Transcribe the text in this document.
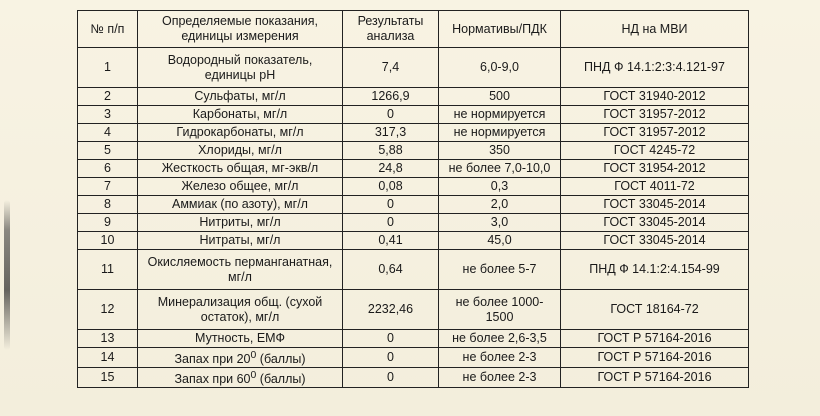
№ п/п	Определяемые показания, единицы измерения	Результаты анализа	Нормативы/ПДК	НД на МВИ
1	Водородный показатель, единицы pH	7,4	6,0-9,0	ПНД Ф 14.1:2:3:4.121-97
2	Сульфаты, мг/л	1266,9	500	ГОСТ 31940-2012
3	Карбонаты, мг/л	0	не нормируется	ГОСТ 31957-2012
4	Гидрокарбонаты, мг/л	317,3	не нормируется	ГОСТ 31957-2012
5	Хлориды, мг/л	5,88	350	ГОСТ 4245-72
6	Жесткость общая, мг-экв/л	24,8	не более 7,0-10,0	ГОСТ 31954-2012
7	Железо общее, мг/л	0,08	0,3	ГОСТ 4011-72
8	Аммиак (по азоту), мг/л	0	2,0	ГОСТ 33045-2014
9	Нитриты, мг/л	0	3,0	ГОСТ 33045-2014
10	Нитраты, мг/л	0,41	45,0	ГОСТ 33045-2014
11	Окисляемость перманганатная, мг/л	0,64	не более 5-7	ПНД Ф 14.1:2:4.154-99
12	Минерализация общ. (сухой остаток), мг/л	2232,46	не более 1000-1500	ГОСТ 18164-72
13	Мутность, ЕМФ	0	не более 2,6-3,5	ГОСТ Р 57164-2016
14	Запах при $20^0$ (баллы)	0	не более 2-3	ГОСТ Р 57164-2016
15	Запах при $60^0$ (баллы)	0	не более 2-3	ГОСТ Р 57164-2016
